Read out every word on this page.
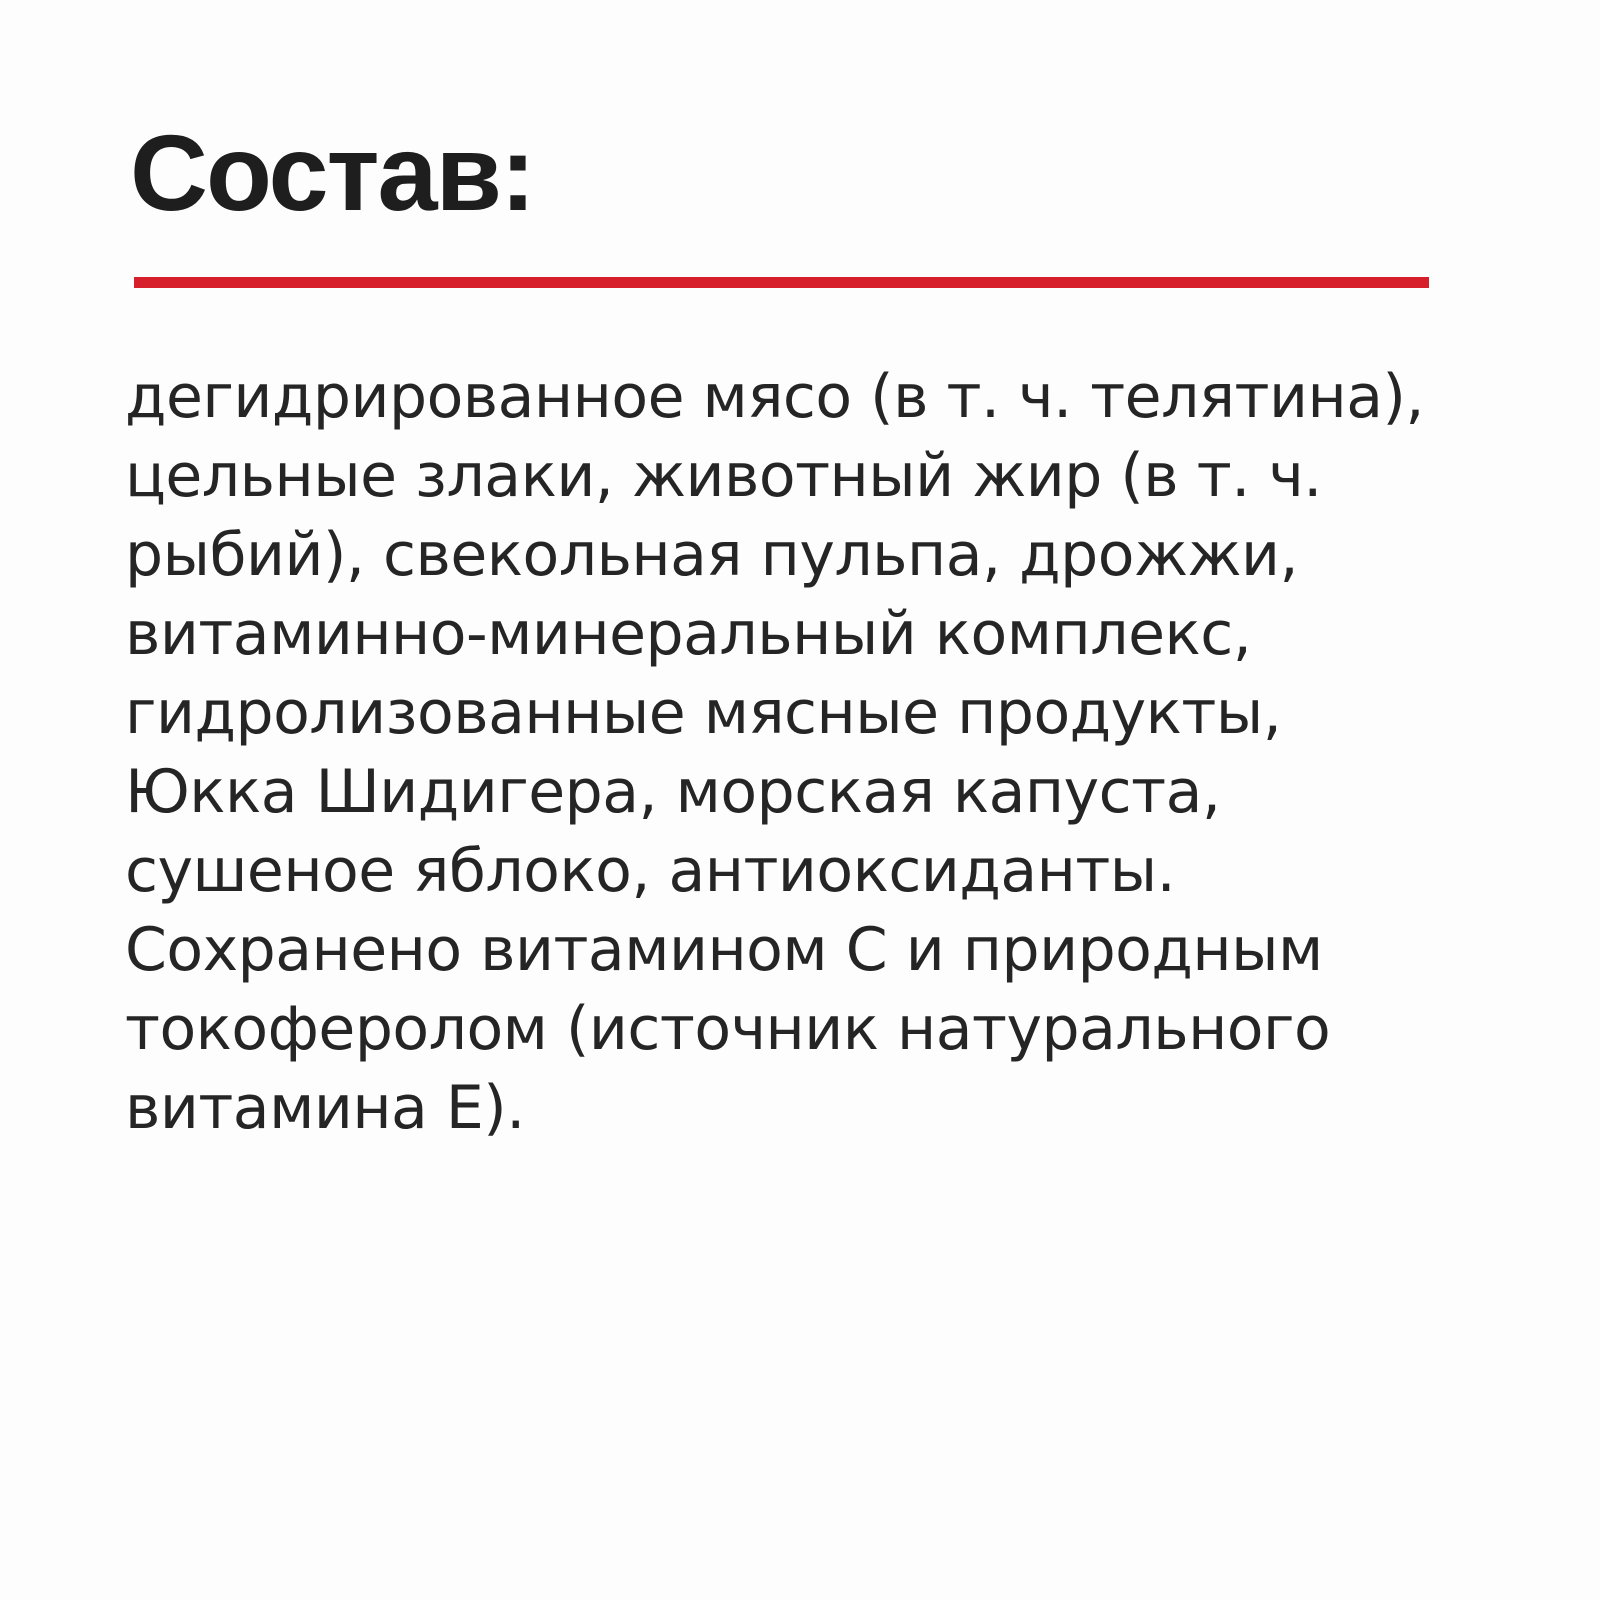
Состав:

дегидрированное мясо (в т. ч. телятина),
цельные злаки, животный жир (в т. ч.
рыбий), свекольная пульпа, дрожжи,
витаминно-минеральный комплекс,
гидролизованные мясные продукты,
Юкка Шидигера, морская капуста,
сушеное яблоко, антиоксиданты.
Сохранено витамином С и природным
токоферолом (источник натурального
витамина Е).
